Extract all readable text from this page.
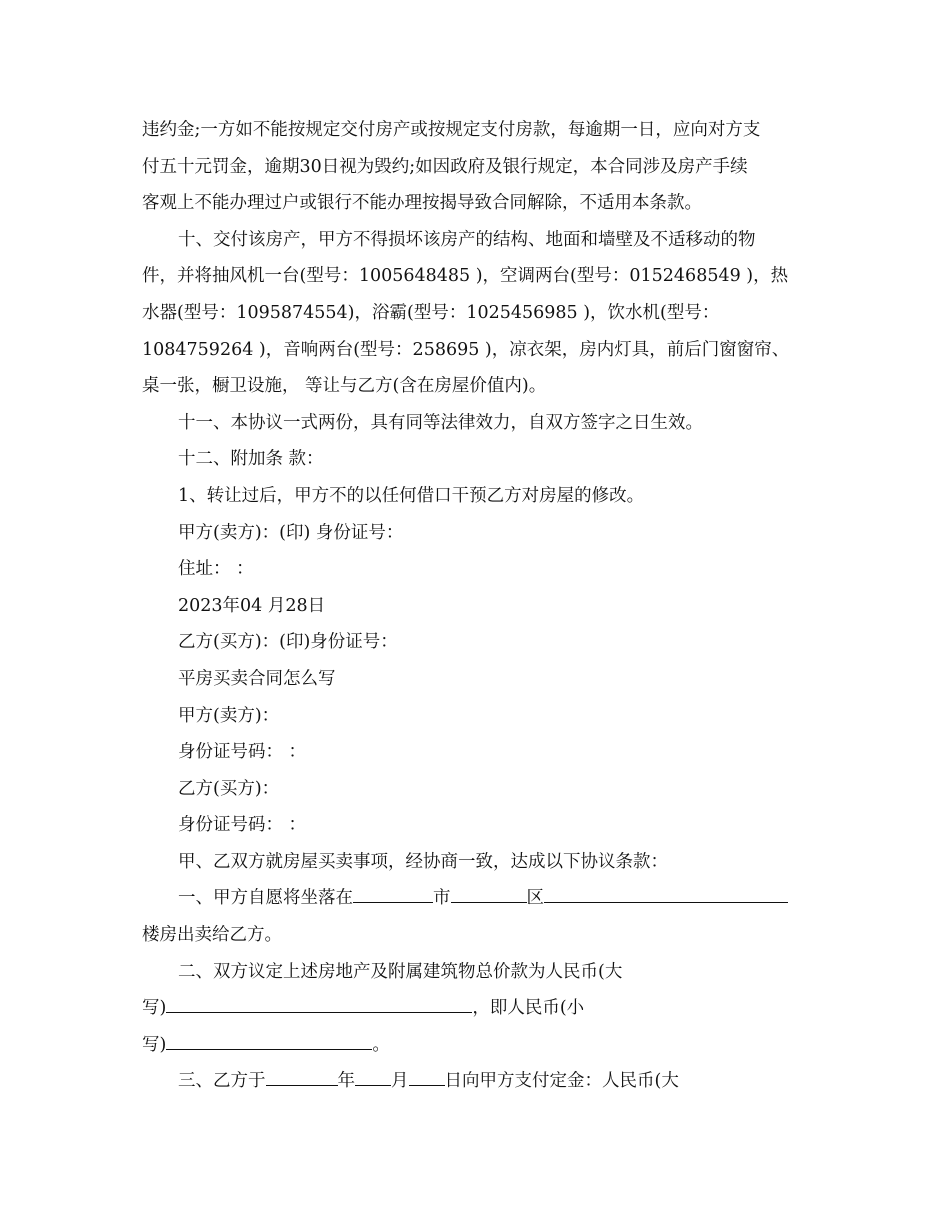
违约金;一方如不能按规定交付房产或按规定支付房款，每逾期一日，应向对方支
付五十元罚金，逾期30日视为毁约;如因政府及银行规定，本合同涉及房产手续
客观上不能办理过户或银行不能办理按揭导致合同解除，不适用本条款。
十、交付该房产，甲方不得损坏该房产的结构、地面和墙壁及不适移动的物
件，并将抽风机一台(型号：1005648485 )，空调两台(型号：0152468549 )，热
水器(型号：1095874554)，浴霸(型号：1025456985 )，饮水机(型号：
1084759264 )，音响两台(型号：258695 )，凉衣架，房内灯具，前后门窗窗帘、
桌一张，橱卫设施， 等让与乙方(含在房屋价值内)。
十一、本协议一式两份，具有同等法律效力，自双方签字之日生效。
十二、附加条 款：
1、转让过后，甲方不的以任何借口干预乙方对房屋的修改。
甲方(卖方)：(印) 身份证号：
住址： ：
2023年04 月28日
乙方(买方)：(印)身份证号：
平房买卖合同怎么写
甲方(卖方)：
身份证号码： ：
乙方(买方)：
身份证号码： ：
甲、乙双方就房屋买卖事项，经协商一致，达成以下协议条款：
一、甲方自愿将坐落在	市	区
楼房出卖给乙方。
二、双方议定上述房地产及附属建筑物总价款为人民币(大
写)	，即人民币(小
写)	。
三、乙方于	年 月 日向甲方支付定金：人民币(大
